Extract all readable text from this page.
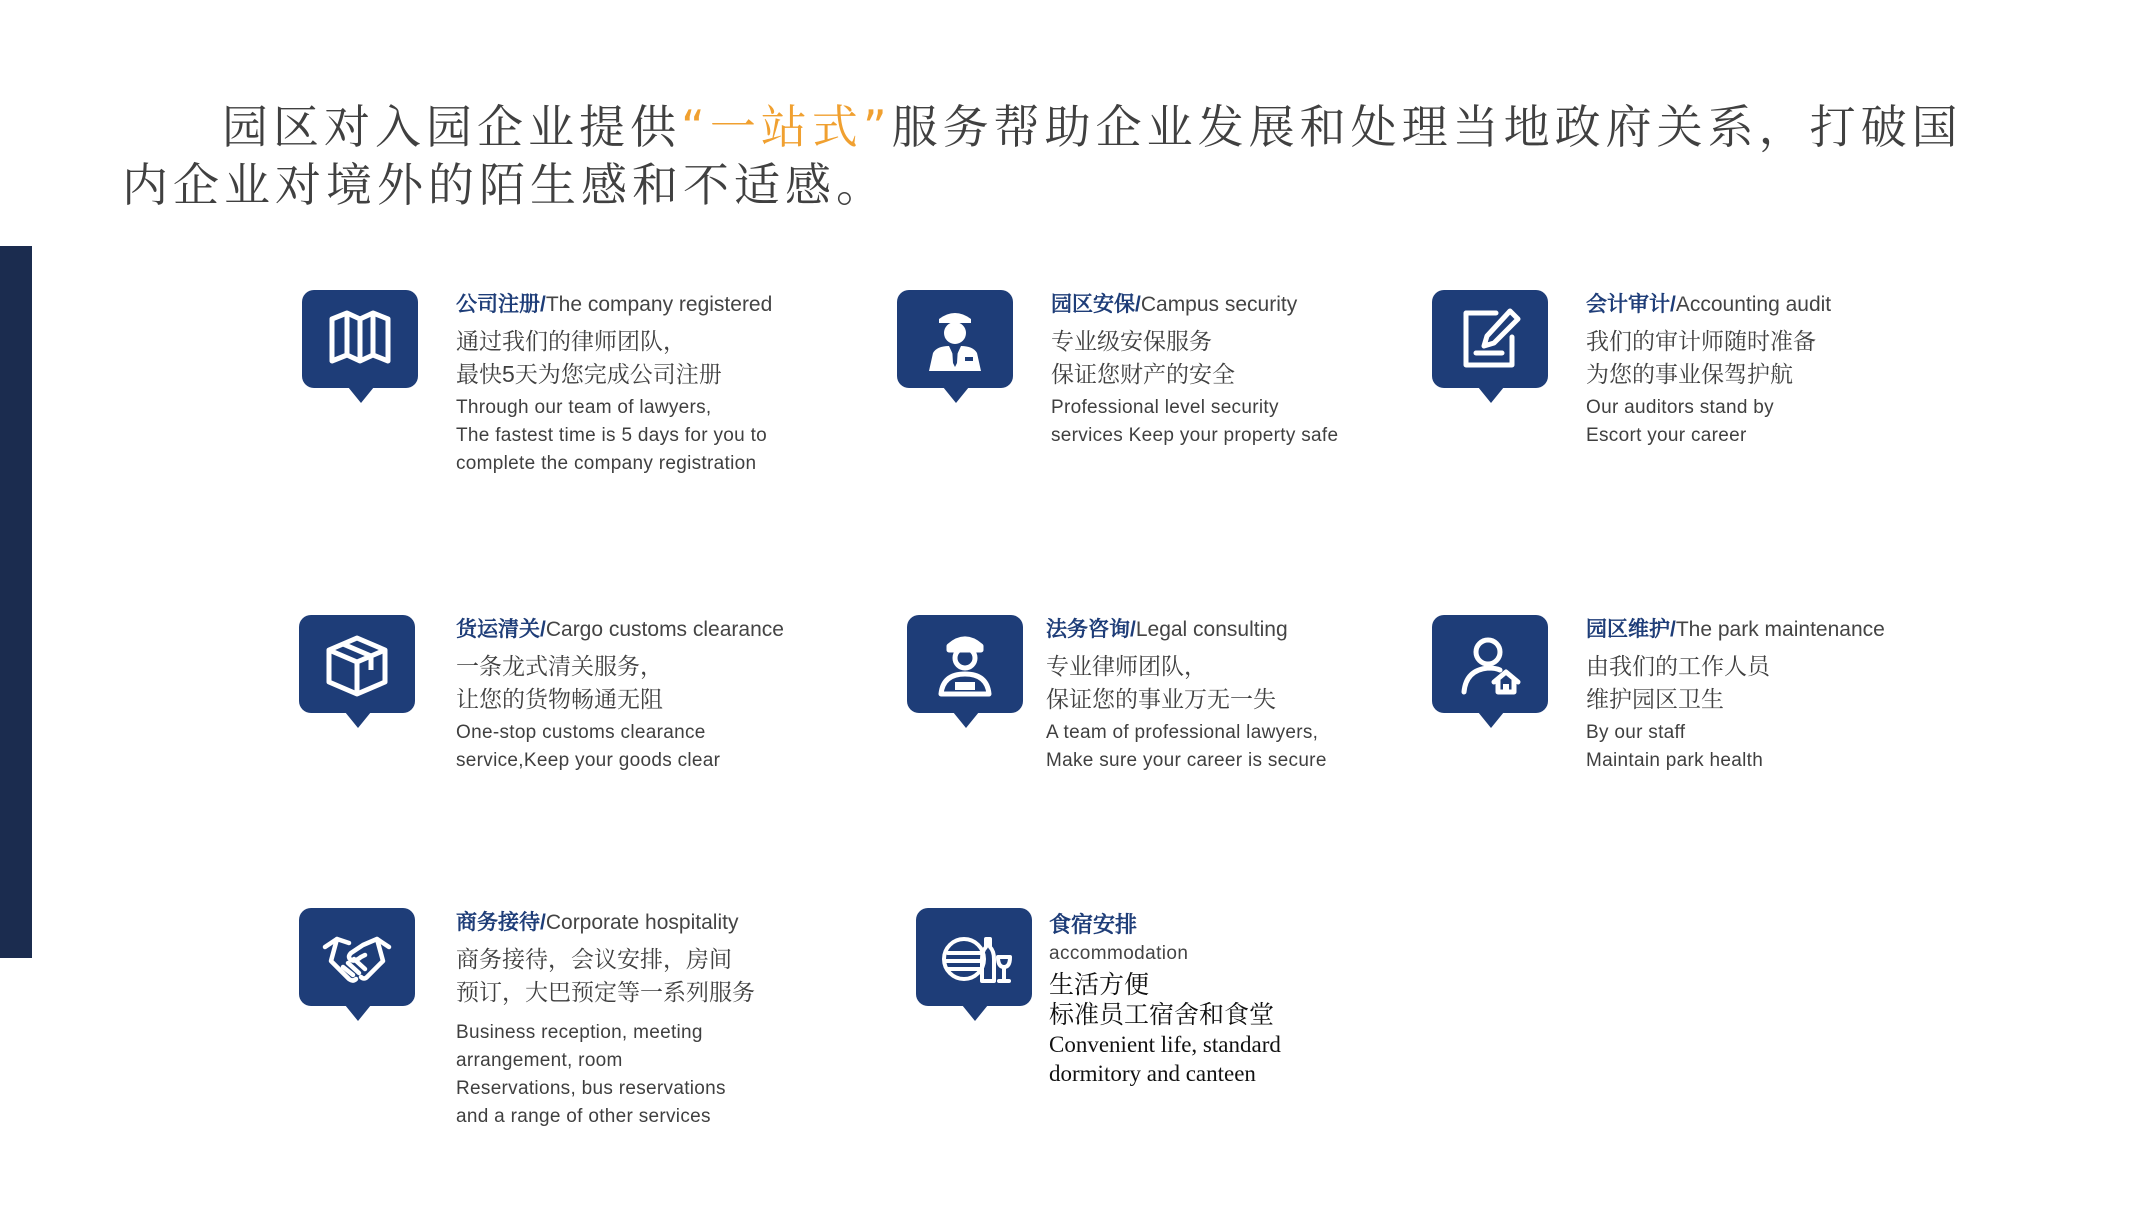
园区对入园企业提供“一站式”服务帮助企业发展和处理当地政府关系，打破国内企业对境外的陌生感和不适感。
公司注册/The company registered
通过我们的律师团队，
最快5天为您完成公司注册
Through our team of lawyers,
The fastest time is 5 days for you to
complete the company registration
园区安保/Campus security
专业级安保服务
保证您财产的安全
Professional level security
services Keep your property safe
会计审计/Accounting audit
我们的审计师随时准备
为您的事业保驾护航
Our auditors stand by
Escort your career
货运清关/Cargo customs clearance
一条龙式清关服务，
让您的货物畅通无阻
One-stop customs clearance
service,Keep your goods clear
法务咨询/Legal consulting
专业律师团队，
保证您的事业万无一失
A team of professional lawyers,
Make sure your career is secure
园区维护/The park maintenance
由我们的工作人员
维护园区卫生
By our staff
Maintain park health
商务接待/Corporate hospitality
商务接待，会议安排，房间
预订，大巴预定等一系列服务
Business reception, meeting
arrangement, room
Reservations, bus reservations
and a range of other services
食宿安排
accommodation
生活方便
标准员工宿舍和食堂
Convenient life, standard
dormitory and canteen
